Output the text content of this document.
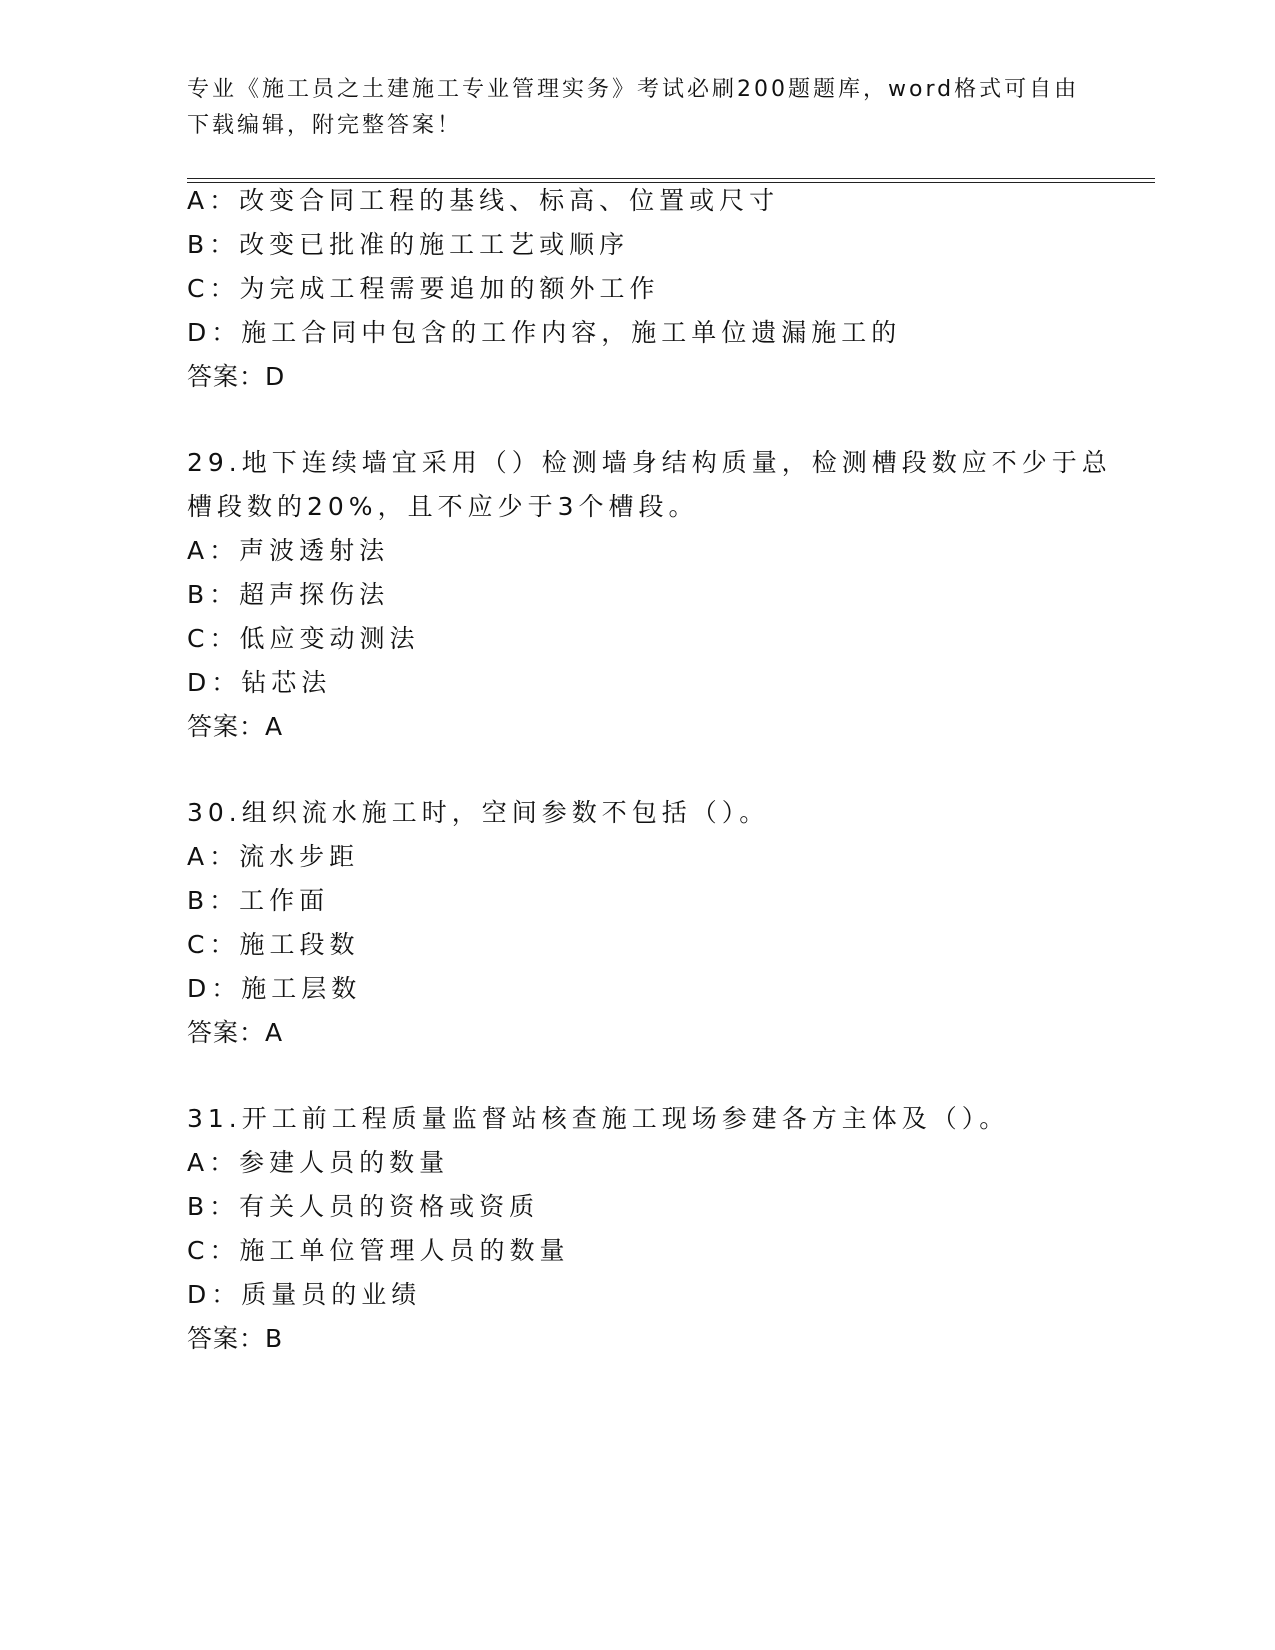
专业《施工员之土建施工专业管理实务》考试必刷200题题库，word格式可自由
下载编辑，附完整答案！
A：改变合同工程的基线、标高、位置或尺寸
B：改变已批准的施工工艺或顺序
C：为完成工程需要追加的额外工作
D：施工合同中包含的工作内容，施工单位遗漏施工的
答案：D
29.地下连续墙宜采用（）检测墙身结构质量，检测槽段数应不少于总
槽段数的20%，且不应少于3个槽段。
A：声波透射法
B：超声探伤法
C：低应变动测法
D：钻芯法
答案：A
30.组织流水施工时，空间参数不包括（）。
A：流水步距
B：工作面
C：施工段数
D：施工层数
答案：A
31.开工前工程质量监督站核查施工现场参建各方主体及（）。
A：参建人员的数量
B：有关人员的资格或资质
C：施工单位管理人员的数量
D：质量员的业绩
答案：B
